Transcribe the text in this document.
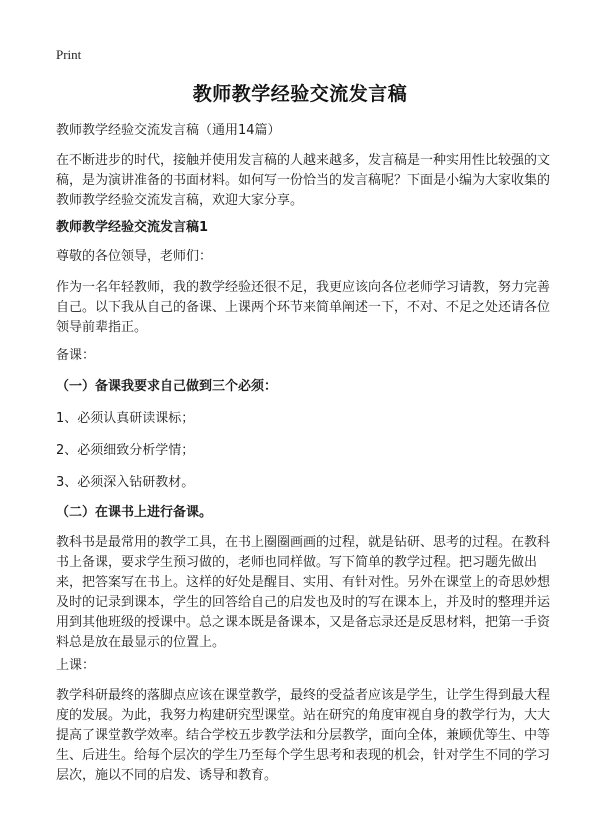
Print
教师教学经验交流发言稿

教师教学经验交流发言稿（通用14篇）

在不断进步的时代，接触并使用发言稿的人越来越多，发言稿是一种实用性比较强的文稿，是为演讲准备的书面材料。如何写一份恰当的发言稿呢？下面是小编为大家收集的教师教学经验交流发言稿，欢迎大家分享。

教师教学经验交流发言稿1

尊敬的各位领导，老师们：

作为一名年轻教师，我的教学经验还很不足，我更应该向各位老师学习请教，努力完善自己。以下我从自己的备课、上课两个环节来简单阐述一下，不对、不足之处还请各位领导前辈指正。

备课：

（一）备课我要求自己做到三个必须：

1、必须认真研读课标；

2、必须细致分析学情；

3、必须深入钻研教材。

（二）在课书上进行备课。

教科书是最常用的教学工具，在书上圈圈画画的过程，就是钻研、思考的过程。在教科书上备课，要求学生预习做的，老师也同样做。写下简单的教学过程。把习题先做出来，把答案写在书上。这样的好处是醒目、实用、有针对性。另外在课堂上的奇思妙想及时的记录到课本，学生的回答给自己的启发也及时的写在课本上，并及时的整理并运用到其他班级的授课中。总之课本既是备课本，又是备忘录还是反思材料，把第一手资料总是放在最显示的位置上。

上课：

教学科研最终的落脚点应该在课堂教学，最终的受益者应该是学生，让学生得到最大程度的发展。为此，我努力构建研究型课堂。站在研究的角度审视自身的教学行为，大大提高了课堂教学效率。结合学校五步教学法和分层教学，面向全体，兼顾优等生、中等生、后进生。给每个层次的学生乃至每个学生思考和表现的机会，针对学生不同的学习层次，施以不同的启发、诱导和教育。
